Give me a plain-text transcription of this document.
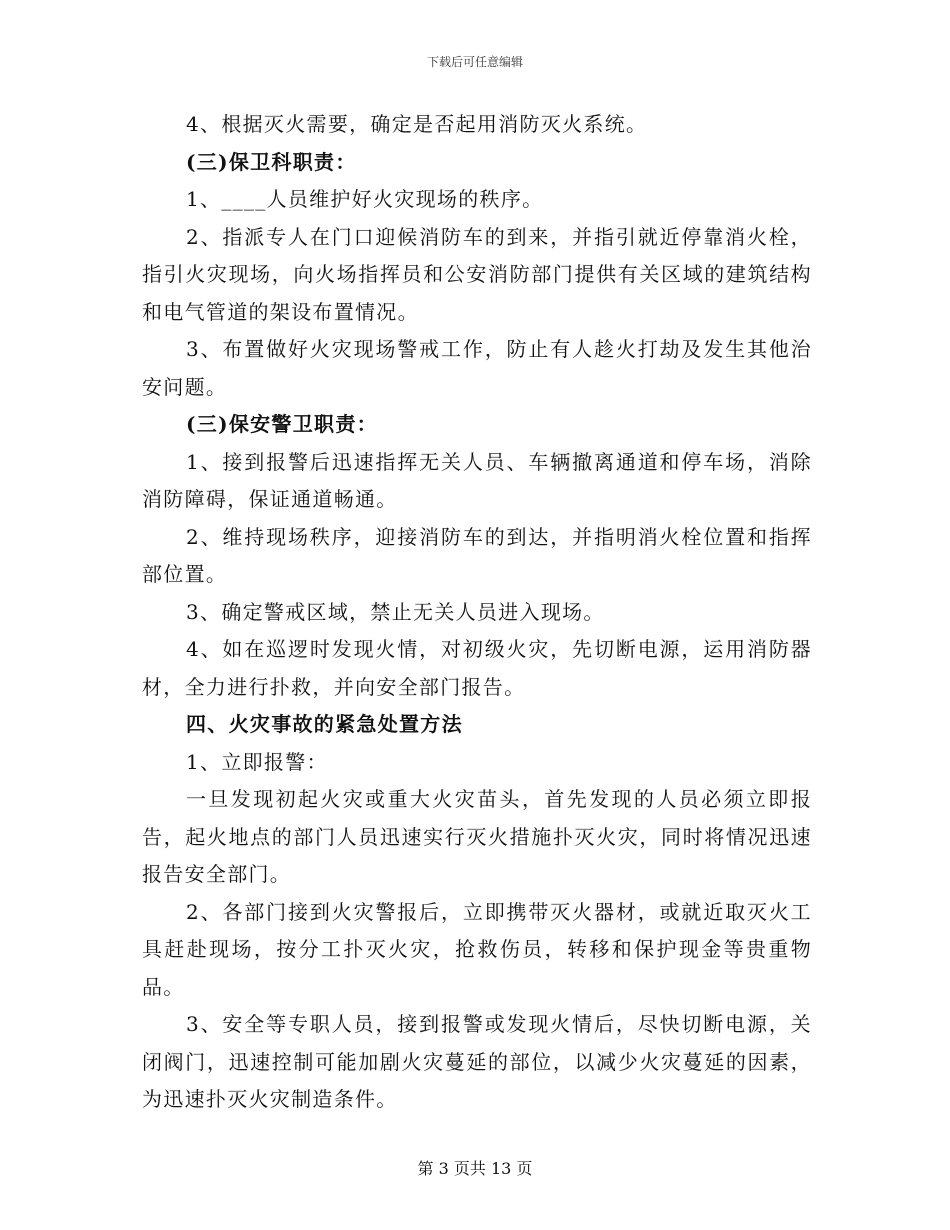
下载后可任意编辑

4、根据灭火需要，确定是否起用消防灭火系统。

(三)保卫科职责：

1、____人员维护好火灾现场的秩序。

2、指派专人在门口迎候消防车的到来，并指引就近停靠消火栓，指引火灾现场，向火场指挥员和公安消防部门提供有关区域的建筑结构和电气管道的架设布置情况。

3、布置做好火灾现场警戒工作，防止有人趁火打劫及发生其他治安问题。

(三)保安警卫职责：

1、接到报警后迅速指挥无关人员、车辆撤离通道和停车场，消除消防障碍，保证通道畅通。

2、维持现场秩序，迎接消防车的到达，并指明消火栓位置和指挥部位置。

3、确定警戒区域，禁止无关人员进入现场。

4、如在巡逻时发现火情，对初级火灾，先切断电源，运用消防器材，全力进行扑救，并向安全部门报告。

四、火灾事故的紧急处置方法

1、立即报警：

一旦发现初起火灾或重大火灾苗头，首先发现的人员必须立即报告，起火地点的部门人员迅速实行灭火措施扑灭火灾，同时将情况迅速报告安全部门。

2、各部门接到火灾警报后，立即携带灭火器材，或就近取灭火工具赶赴现场，按分工扑灭火灾，抢救伤员，转移和保护现金等贵重物品。

3、安全等专职人员，接到报警或发现火情后，尽快切断电源，关闭阀门，迅速控制可能加剧火灾蔓延的部位，以减少火灾蔓延的因素，为迅速扑灭火灾制造条件。

第 3 页共 13 页
